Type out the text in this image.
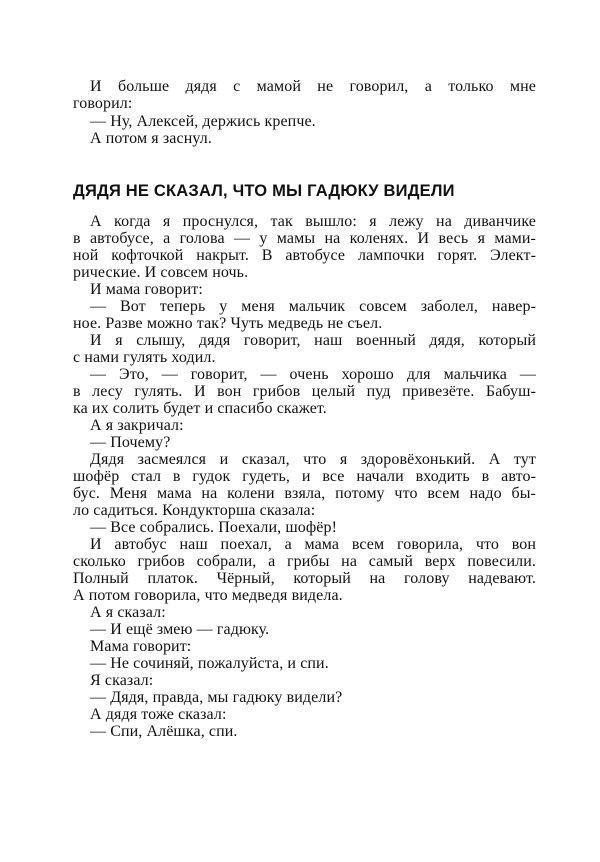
И больше дядя с мамой не говорил, а только мне
говорил:
— Ну, Алексей, держись крепче.
А потом я заснул.
ДЯДЯ НЕ СКАЗАЛ, ЧТО МЫ ГАДЮКУ ВИДЕЛИ
А когда я проснулся, так вышло: я лежу на диванчике
в автобусе, а голова — у мамы на коленях. И весь я мами-
ной кофточкой накрыт. В автобусе лампочки горят. Элект-
рические. И совсем ночь.
И мама говорит:
— Вот теперь у меня мальчик совсем заболел, навер-
ное. Разве можно так? Чуть медведь не съел.
И я слышу, дядя говорит, наш военный дядя, который
с нами гулять ходил.
— Это, — говорит, — очень хорошо для мальчика —
в лесу гулять. И вон грибов целый пуд привезёте. Бабуш-
ка их солить будет и спасибо скажет.
А я закричал:
— Почему?
Дядя засмеялся и сказал, что я здоровёхонький. А тут
шофёр стал в гудок гудеть, и все начали входить в авто-
бус. Меня мама на колени взяла, потому что всем надо бы-
ло садиться. Кондукторша сказала:
— Все собрались. Поехали, шофёр!
И автобус наш поехал, а мама всем говорила, что вон
сколько грибов собрали, а грибы на самый верх повесили.
Полный платок. Чёрный, который на голову надевают.
А потом говорила, что медведя видела.
А я сказал:
— И ещё змею — гадюку.
Мама говорит:
— Не сочиняй, пожалуйста, и спи.
Я сказал:
— Дядя, правда, мы гадюку видели?
А дядя тоже сказал:
— Спи, Алёшка, спи.
